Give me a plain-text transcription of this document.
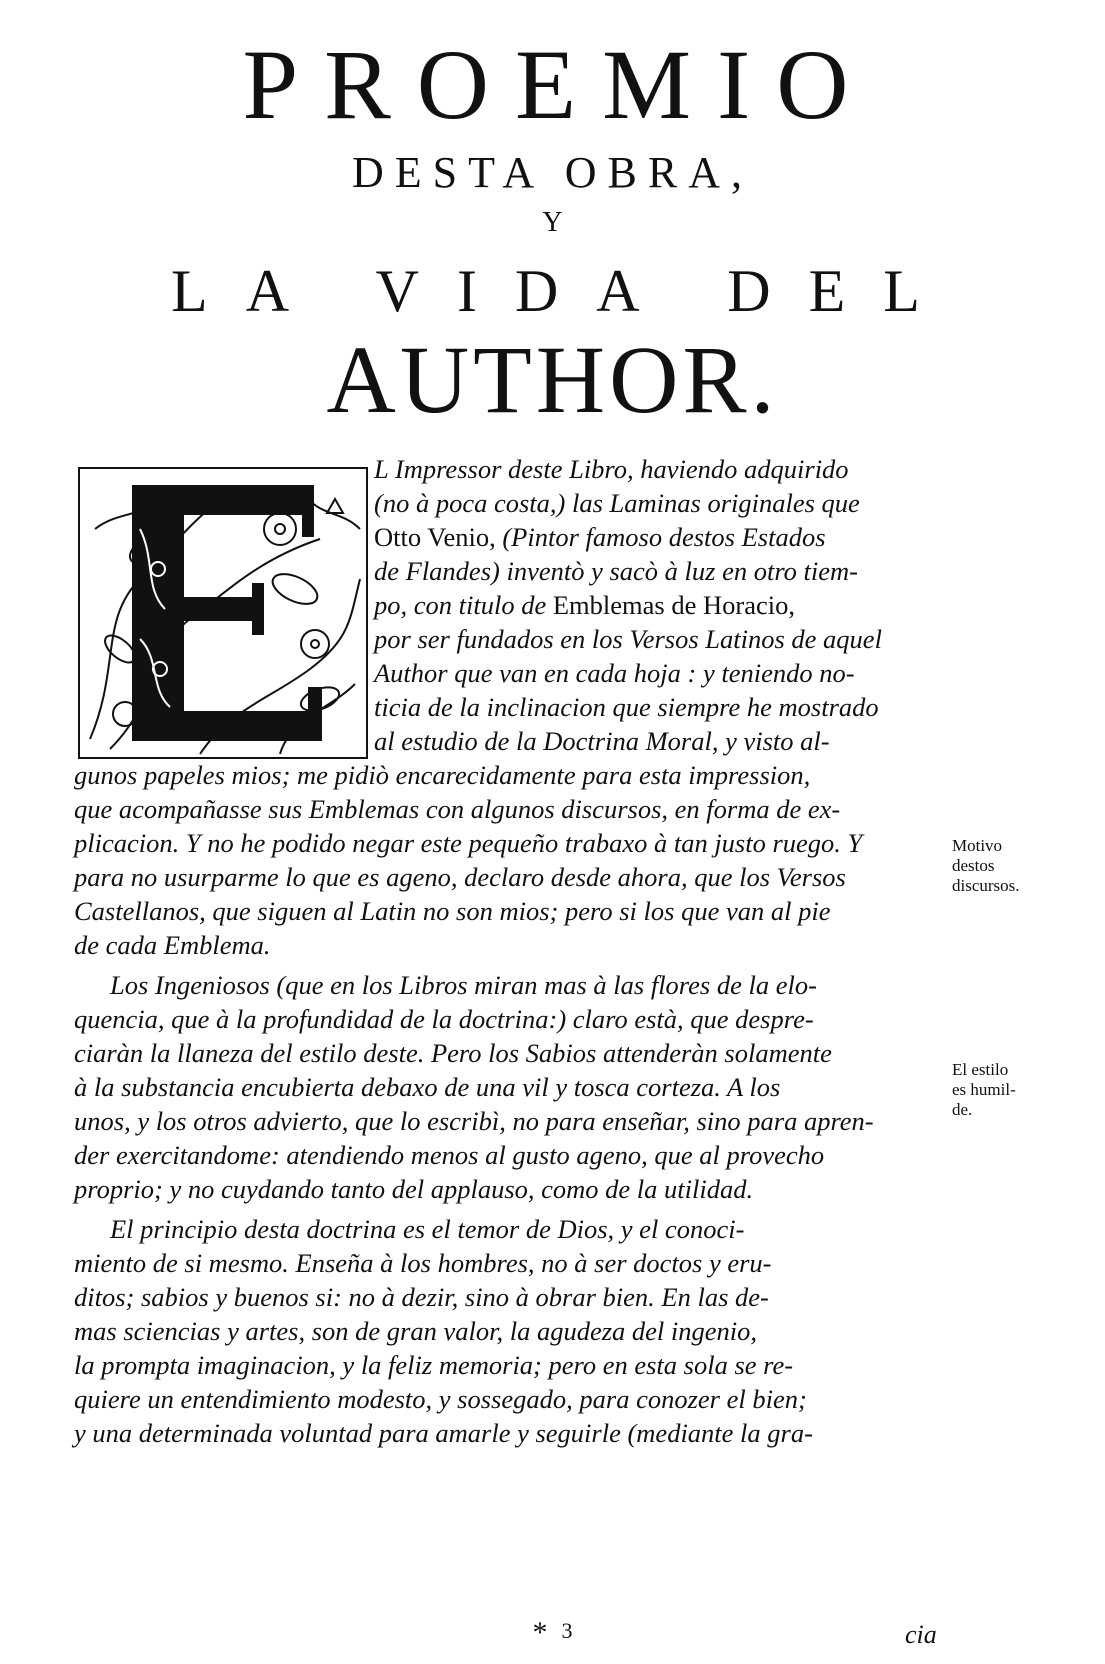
PROEMIO
DESTA OBRA,
Y
LA VIDA DEL
AUTHOR.
L Impressor deste Libro, haviendo adquirido
(no à poca costa,) las Laminas originales que
Otto Venio, (Pintor famoso destos Estados
de Flandes) inventò y sacò à luz en otro tiem-
po, con titulo de Emblemas de Horacio,
por ser fundados en los Versos Latinos de aquel
Author que van en cada hoja : y teniendo no-
ticia de la inclinacion que siempre he mostrado
al estudio de la Doctrina Moral, y visto al-
gunos papeles mios; me pidiò encarecidamente para esta impression,
que acompañasse sus Emblemas con algunos discursos, en forma de ex-
plicacion. Y no he podido negar este pequeño trabaxo à tan justo ruego. Y
para no usurparme lo que es ageno, declaro desde ahora, que los Versos
Castellanos, que siguen al Latin no son mios; pero si los que van al pie
de cada Emblema.
Los Ingeniosos (que en los Libros miran mas à las flores de la elo-
quencia, que à la profundidad de la doctrina:) claro està, que despre-
ciaràn la llaneza del estilo deste. Pero los Sabios attenderàn solamente
à la substancia encubierta debaxo de una vil y tosca corteza. A los
unos, y los otros advierto, que lo escribì, no para enseñar, sino para apren-
der exercitandome: atendiendo menos al gusto ageno, que al provecho
proprio; y no cuydando tanto del applauso, como de la utilidad.
El principio desta doctrina es el temor de Dios, y el conoci-
miento de si mesmo. Enseña à los hombres, no à ser doctos y eru-
ditos; sabios y buenos si: no à dezir, sino à obrar bien. En las de-
mas sciencias y artes, son de gran valor, la agudeza del ingenio,
la prompta imaginacion, y la feliz memoria; pero en esta sola se re-
quiere un entendimiento modesto, y sossegado, para conozer el bien;
y una determinada voluntad para amarle y seguirle (mediante la gra-
Motivo
destos
discursos.
El estilo
es humil-
de.
* 3	cia
